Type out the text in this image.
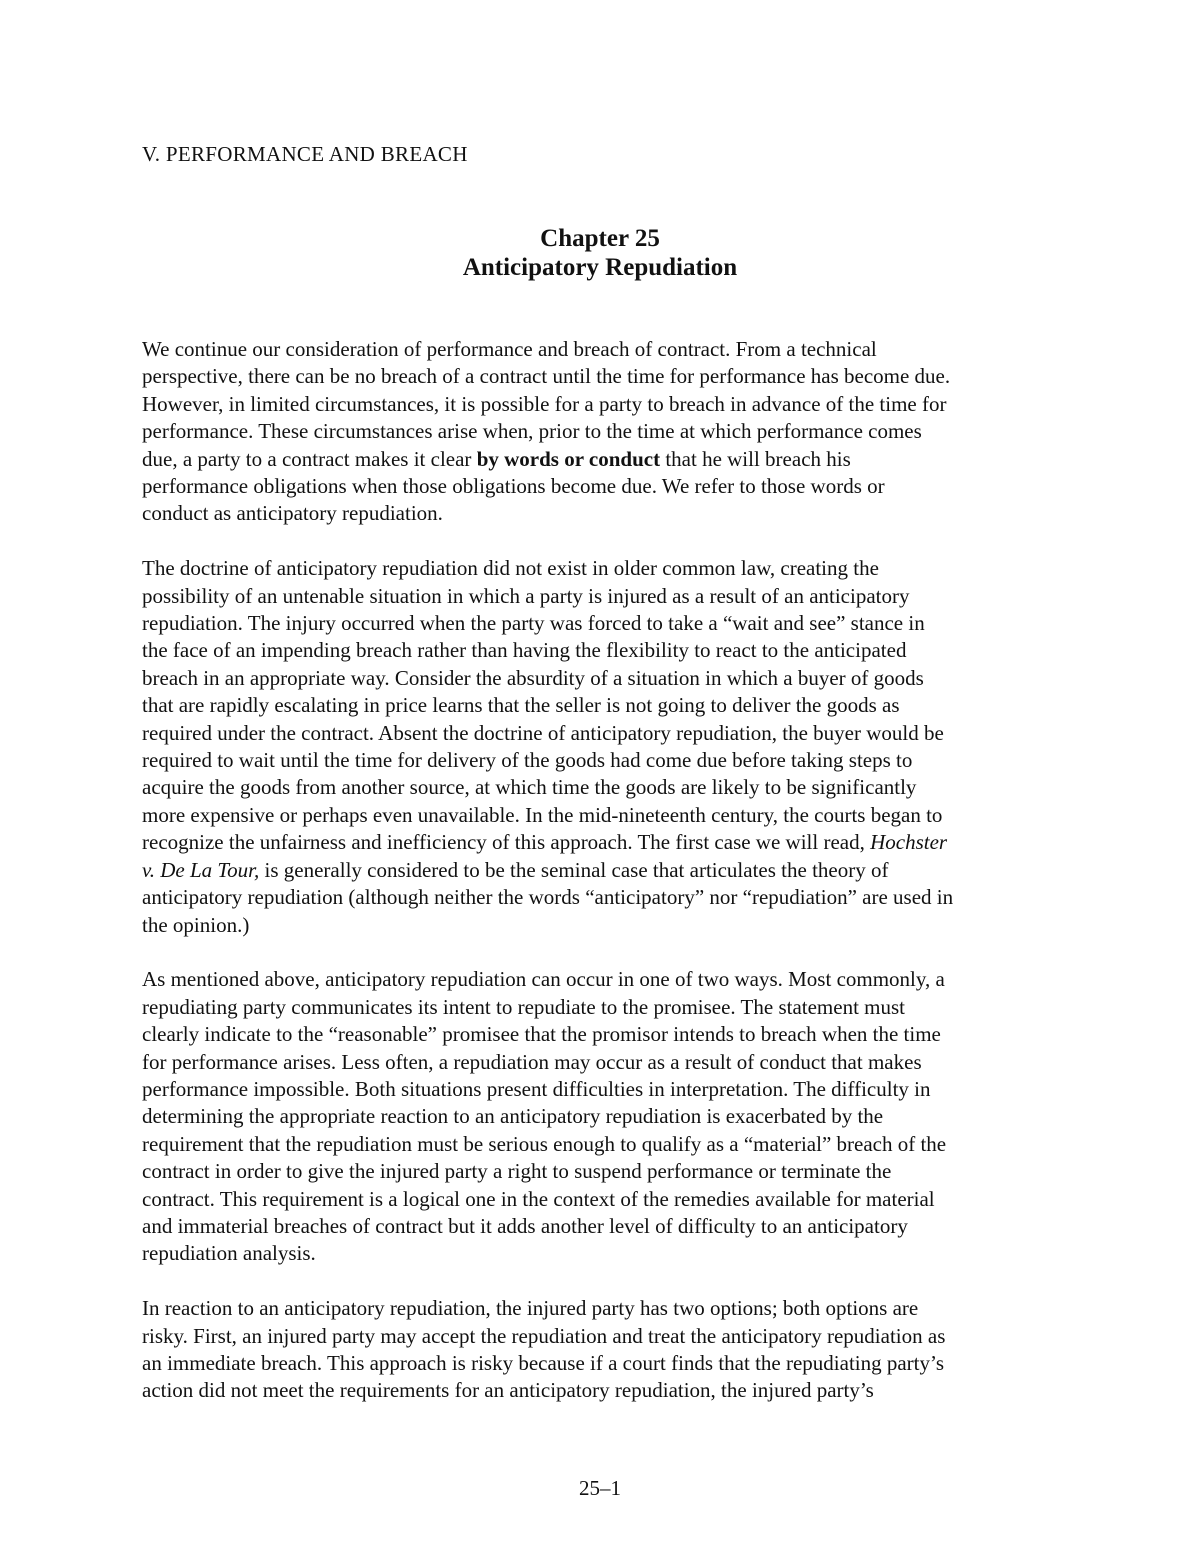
V. PERFORMANCE AND BREACH
Chapter 25
Anticipatory Repudiation

We continue our consideration of performance and breach of contract. From a technical
perspective, there can be no breach of a contract until the time for performance has become due.
However, in limited circumstances, it is possible for a party to breach in advance of the time for
performance. These circumstances arise when, prior to the time at which performance comes
due, a party to a contract makes it clear by words or conduct that he will breach his
performance obligations when those obligations become due. We refer to those words or
conduct as anticipatory repudiation.

The doctrine of anticipatory repudiation did not exist in older common law, creating the
possibility of an untenable situation in which a party is injured as a result of an anticipatory
repudiation. The injury occurred when the party was forced to take a “wait and see” stance in
the face of an impending breach rather than having the flexibility to react to the anticipated
breach in an appropriate way. Consider the absurdity of a situation in which a buyer of goods
that are rapidly escalating in price learns that the seller is not going to deliver the goods as
required under the contract. Absent the doctrine of anticipatory repudiation, the buyer would be
required to wait until the time for delivery of the goods had come due before taking steps to
acquire the goods from another source, at which time the goods are likely to be significantly
more expensive or perhaps even unavailable. In the mid-nineteenth century, the courts began to
recognize the unfairness and inefficiency of this approach. The first case we will read, Hochster
v. De La Tour, is generally considered to be the seminal case that articulates the theory of
anticipatory repudiation (although neither the words “anticipatory” nor “repudiation” are used in
the opinion.)

As mentioned above, anticipatory repudiation can occur in one of two ways. Most commonly, a
repudiating party communicates its intent to repudiate to the promisee. The statement must
clearly indicate to the “reasonable” promisee that the promisor intends to breach when the time
for performance arises. Less often, a repudiation may occur as a result of conduct that makes
performance impossible. Both situations present difficulties in interpretation. The difficulty in
determining the appropriate reaction to an anticipatory repudiation is exacerbated by the
requirement that the repudiation must be serious enough to qualify as a “material” breach of the
contract in order to give the injured party a right to suspend performance or terminate the
contract. This requirement is a logical one in the context of the remedies available for material
and immaterial breaches of contract but it adds another level of difficulty to an anticipatory
repudiation analysis.

In reaction to an anticipatory repudiation, the injured party has two options; both options are
risky. First, an injured party may accept the repudiation and treat the anticipatory repudiation as
an immediate breach. This approach is risky because if a court finds that the repudiating party’s
action did not meet the requirements for an anticipatory repudiation, the injured party’s

25–1
